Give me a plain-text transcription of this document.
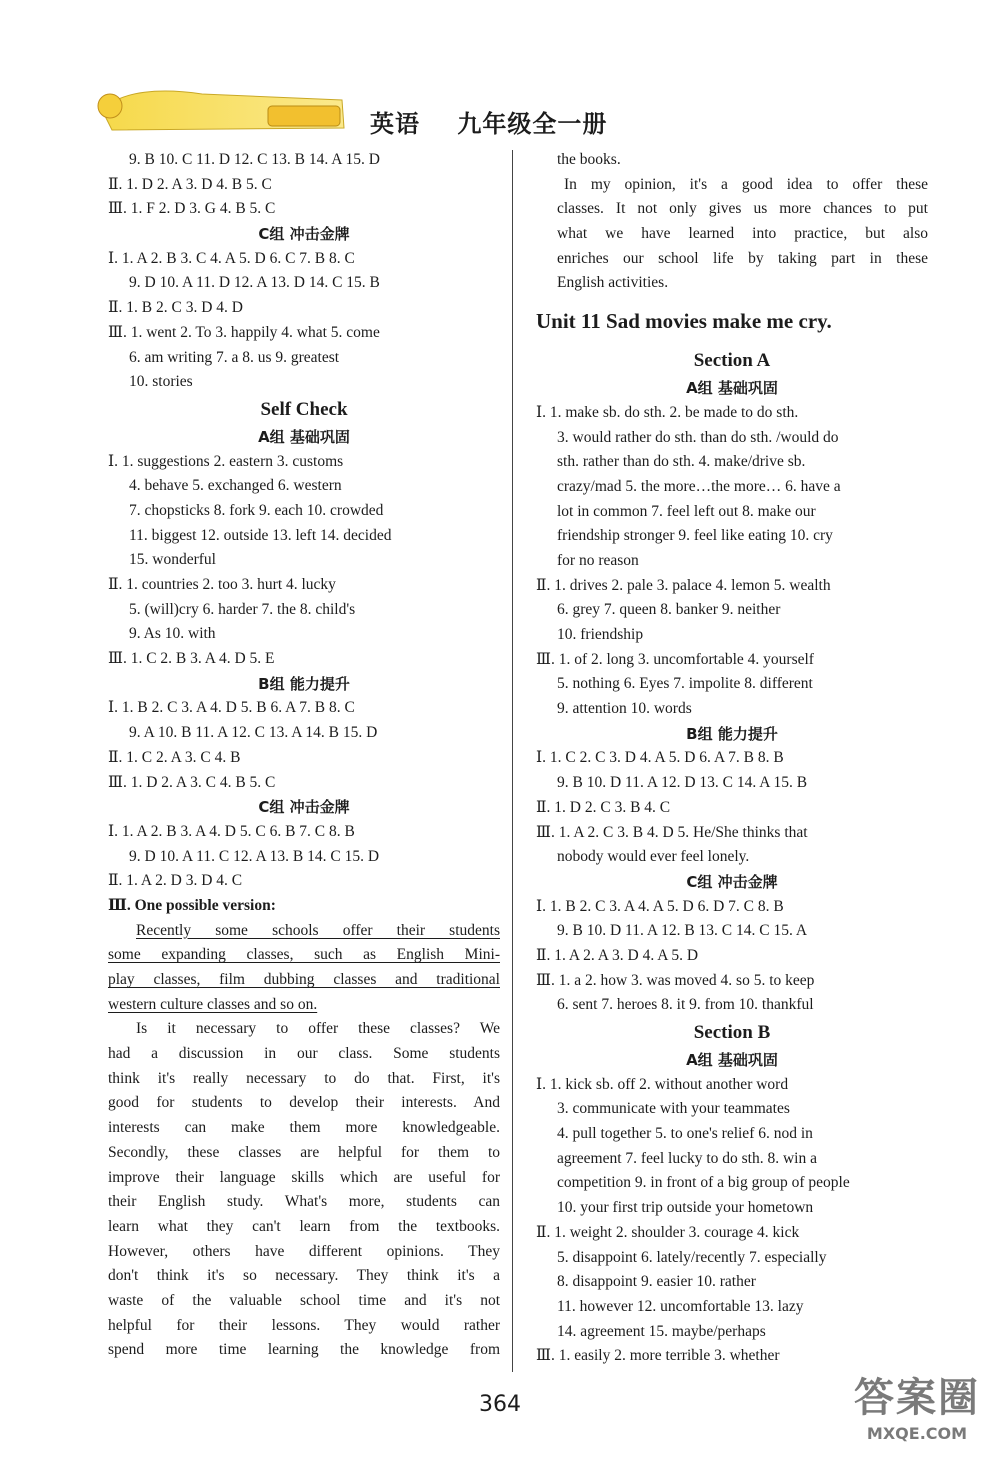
英语    九年级全一册
9. B 10. C 11. D 12. C 13. B 14. A 15. D
Ⅱ. 1. D 2. A 3. D 4. B 5. C
Ⅲ. 1. F 2. D 3. G 4. B 5. C
C组 冲击金牌
Ⅰ. 1. A 2. B 3. C 4. A 5. D 6. C 7. B 8. C
9. D 10. A 11. D 12. A 13. D 14. C 15. B
Ⅱ. 1. B 2. C 3. D 4. D
Ⅲ. 1. went 2. To 3. happily 4. what 5. come
6. am writing 7. a 8. us 9. greatest
10. stories
Self Check
A组 基础巩固
Ⅰ. 1. suggestions 2. eastern 3. customs
4. behave 5. exchanged 6. western
7. chopsticks 8. fork 9. each 10. crowded
11. biggest 12. outside 13. left 14. decided
15. wonderful
Ⅱ. 1. countries 2. too 3. hurt 4. lucky
5. (will)cry 6. harder 7. the 8. child's
9. As 10. with
Ⅲ. 1. C 2. B 3. A 4. D 5. E
B组 能力提升
Ⅰ. 1. B 2. C 3. A 4. D 5. B 6. A 7. B 8. C
9. A 10. B 11. A 12. C 13. A 14. B 15. D
Ⅱ. 1. C 2. A 3. C 4. B
Ⅲ. 1. D 2. A 3. C 4. B 5. C
C组 冲击金牌
Ⅰ. 1. A 2. B 3. A 4. D 5. C 6. B 7. C 8. B
9. D 10. A 11. C 12. A 13. B 14. C 15. D
Ⅱ. 1. A 2. D 3. D 4. C
Ⅲ. One possible version:
Recently some schools offer their students
some expanding classes, such as English Mini-
play classes, film dubbing classes and traditional
western culture classes and so on.
Is it necessary to offer these classes? We
had a discussion in our class. Some students
think it's really necessary to do that. First, it's
good for students to develop their interests. And
interests can make them more knowledgeable.
Secondly, these classes are helpful for them to
improve their language skills which are useful for
their English study. What's more, students can
learn what they can't learn from the textbooks.
However, others have different opinions. They
don't think it's so necessary. They think it's a
waste of the valuable school time and it's not
helpful for their lessons. They would rather
spend more time learning the knowledge from
the books.
In my opinion, it's a good idea to offer these
classes. It not only gives us more chances to put
what we have learned into practice, but also
enriches our school life by taking part in these
English activities.
Unit 11 Sad movies make me cry.
Section A
A组 基础巩固
Ⅰ. 1. make sb. do sth. 2. be made to do sth.
3. would rather do sth. than do sth. /would do
sth. rather than do sth. 4. make/drive sb.
crazy/mad 5. the more…the more… 6. have a
lot in common 7. feel left out 8. make our
friendship stronger 9. feel like eating 10. cry
for no reason
Ⅱ. 1. drives 2. pale 3. palace 4. lemon 5. wealth
6. grey 7. queen 8. banker 9. neither
10. friendship
Ⅲ. 1. of 2. long 3. uncomfortable 4. yourself
5. nothing 6. Eyes 7. impolite 8. different
9. attention 10. words
B组 能力提升
Ⅰ. 1. C 2. C 3. D 4. A 5. D 6. A 7. B 8. B
9. B 10. D 11. A 12. D 13. C 14. A 15. B
Ⅱ. 1. D 2. C 3. B 4. C
Ⅲ. 1. A 2. C 3. B 4. D 5. He/She thinks that
nobody would ever feel lonely.
C组 冲击金牌
Ⅰ. 1. B 2. C 3. A 4. A 5. D 6. D 7. C 8. B
9. B 10. D 11. A 12. B 13. C 14. C 15. A
Ⅱ. 1. A 2. A 3. D 4. A 5. D
Ⅲ. 1. a 2. how 3. was moved 4. so 5. to keep
6. sent 7. heroes 8. it 9. from 10. thankful
Section B
A组 基础巩固
Ⅰ. 1. kick sb. off 2. without another word
3. communicate with your teammates
4. pull together 5. to one's relief 6. nod in
agreement 7. feel lucky to do sth. 8. win a
competition 9. in front of a big group of people
10. your first trip outside your hometown
Ⅱ. 1. weight 2. shoulder 3. courage 4. kick
5. disappoint 6. lately/recently 7. especially
8. disappoint 9. easier 10. rather
11. however 12. uncomfortable 13. lazy
14. agreement 15. maybe/perhaps
Ⅲ. 1. easily 2. more terrible 3. whether
364	答案圈
MXQE.COM
